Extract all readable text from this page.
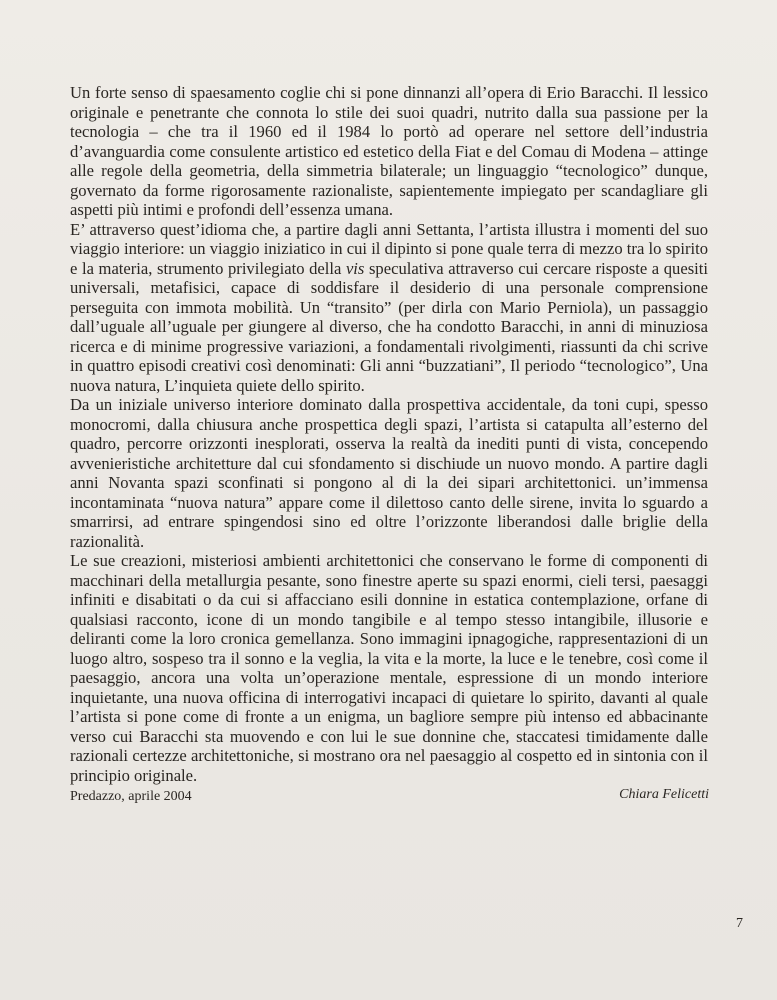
Un forte senso di spaesamento coglie chi si pone dinnanzi all’opera di Erio Baracchi. Il lessico originale e penetrante che connota lo stile dei suoi quadri, nutrito dalla sua passione per la tecnologia – che tra il 1960 ed il 1984 lo portò ad operare nel settore dell’industria d’avanguardia come consulente artistico ed estetico della Fiat e del Comau di Modena – attinge alle regole della geometria, della simmetria bilaterale; un linguaggio “tecnologico” dunque, governato da forme rigorosamente razionaliste, sapientemente impiegato per scandagliare gli aspetti più intimi e profondi dell’essenza umana.

E’ attraverso quest’idioma che, a partire dagli anni Settanta, l’artista illustra i momenti del suo viaggio interiore: un viaggio iniziatico in cui il dipinto si pone quale terra di mezzo tra lo spirito e la materia, strumento privilegiato della vis speculativa attraverso cui cercare risposte a quesiti universali, metafisici, capace di soddisfare il desiderio di una personale comprensione perseguita con immota mobilità. Un “transito” (per dirla con Mario Perniola), un passaggio dall’uguale all’uguale per giungere al diverso, che ha condotto Baracchi, in anni di minuziosa ricerca e di minime progressive variazioni, a fondamentali rivolgimenti, riassunti da chi scrive in quattro episodi creativi così denominati: Gli anni “buzzatiani”, Il periodo “tecnologico”, Una nuova natura, L’inquieta quiete dello spirito.

Da un iniziale universo interiore dominato dalla prospettiva accidentale, da toni cupi, spesso monocromi, dalla chiusura anche prospettica degli spazi, l’artista si catapulta all’esterno del quadro, percorre orizzonti inesplorati, osserva la realtà da inediti punti di vista, concependo avvenieristiche architetture dal cui sfondamento si dischiude un nuovo mondo. A partire dagli anni Novanta spazi sconfinati si pongono al di la dei sipari architettonici. un’immensa incontaminata “nuova natura” appare come il dilettoso canto delle sirene, invita lo sguardo a smarrirsi, ad entrare spingendosi sino ed oltre l’orizzonte liberandosi dalle briglie della razionalità.

Le sue creazioni, misteriosi ambienti architettonici che conservano le forme di componenti di macchinari della metallurgia pesante, sono finestre aperte su spazi enormi, cieli tersi, paesaggi infiniti e disabitati o da cui si affacciano esili donnine in estatica contemplazione, orfane di qualsiasi racconto, icone di un mondo tangibile e al tempo stesso intangibile, illusorie e deliranti come la loro cronica gemellanza. Sono immagini ipnagogiche, rappresentazioni di un luogo altro, sospeso tra il sonno e la veglia, la vita e la morte, la luce e le tenebre, così come il paesaggio, ancora una volta un’operazione mentale, espressione di un mondo interiore inquietante, una nuova officina di interrogativi incapaci di quietare lo spirito, davanti al quale l’artista si pone come di fronte a un enigma, un bagliore sempre più intenso ed abbacinante verso cui Baracchi sta muovendo e con lui le sue donnine che, staccatesi timidamente dalle razionali certezze architettoniche, si mostrano ora nel paesaggio al cospetto ed in sintonia con il principio originale.

Predazzo, aprile 2004	Chiara Felicetti
7
